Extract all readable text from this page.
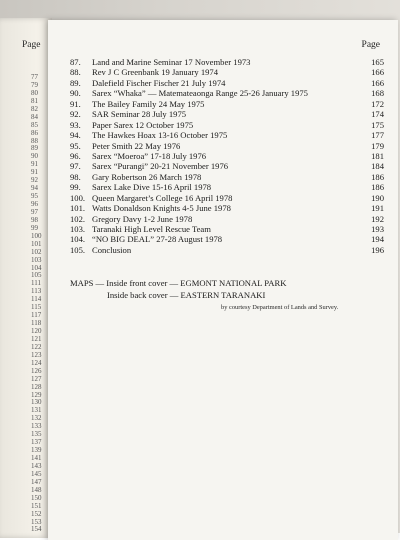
Page
77
79
80
81
82
84
85
86
88
89
90
91
91
92
94
95
96
97
98
99
100
101
102
103
104
105
111
113
114
115
117
118
120
121
122
123
124
126
127
128
129
130
131
132
133
135
137
139
141
143
145
147
148
150
151
152
153
154
Page
87.	Land and Marine Seminar 17 November 1973	165
88.	Rev J C Greenbank 19 January 1974	166
89.	Dalefield Fischer Fischer 21 July 1974	166
90.	Sarex “Whaka” — Matemateaonga Range 25-26 January 1975	168
91.	The Bailey Family 24 May 1975	172
92.	SAR Seminar 28 July 1975	174
93.	Paper Sarex 12 October 1975	175
94.	The Hawkes Hoax 13-16 October 1975	177
95.	Peter Smith 22 May 1976	179
96.	Sarex “Moeroa” 17-18 July 1976	181
97.	Sarex “Purangi” 20-21 November 1976	184
98.	Gary Robertson 26 March 1978	186
99.	Sarex Lake Dive 15-16 April 1978	186
100. Queen Margaret’s College 16 April 1978	190
101. Watts Donaldson Knights 4-5 June 1978	191
102. Gregory Davy 1-2 June 1978	192
103. Taranaki High Level Rescue Team	193
104. “NO BIG DEAL” 27-28 August 1978	194
105. Conclusion	196
MAPS — Inside front cover — EGMONT NATIONAL PARK
Inside back cover — EASTERN TARANAKI
by courtesy Department of Lands and Survey.
